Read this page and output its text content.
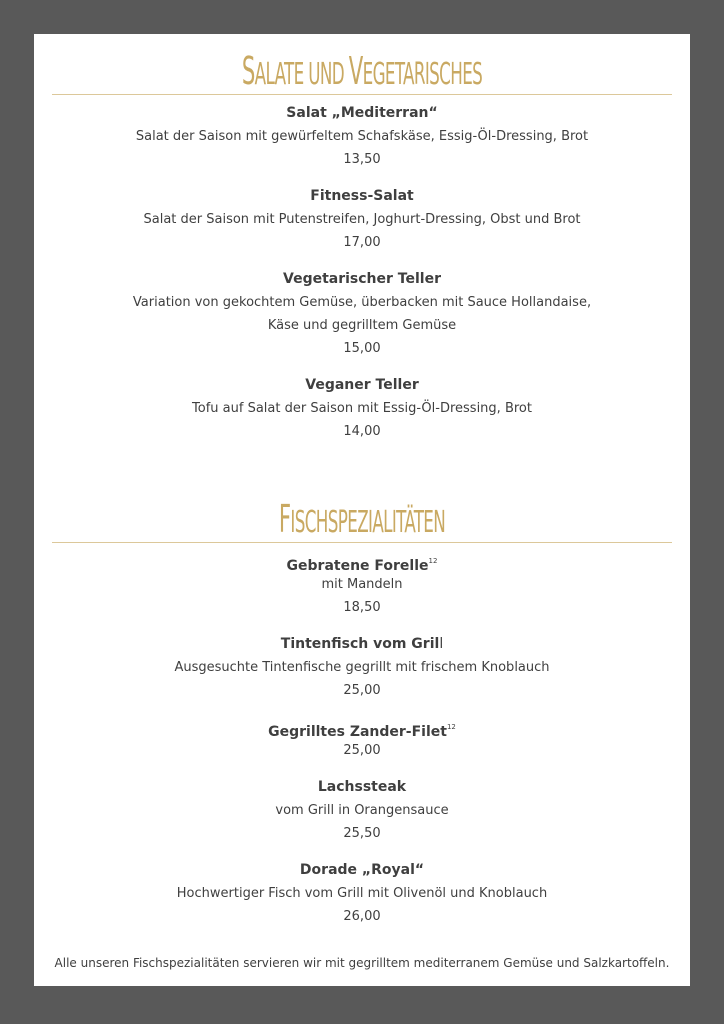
SALATE UND VEGETARISCHES
Salat „Mediterran“
Salat der Saison mit gewürfeltem Schafskäse, Essig-Öl-Dressing, Brot
13,50
Fitness-Salat
Salat der Saison mit Putenstreifen, Joghurt-Dressing, Obst und Brot
17,00
Vegetarischer Teller
Variation von gekochtem Gemüse, überbacken mit Sauce Hollandaise,
Käse und gegrilltem Gemüse
15,00
Veganer Teller
Tofu auf Salat der Saison mit Essig-Öl-Dressing, Brot
14,00
FISCHSPEZIALITÄTEN
Gebratene Forelle$^{12}$
mit Mandeln
18,50
Tintenfisch vom Grill
Ausgesuchte Tintenfische gegrillt mit frischem Knoblauch
25,00
Gegrilltes Zander-Filet$^{12}$
25,00
Lachssteak
vom Grill in Orangensauce
25,50
Dorade „Royal“
Hochwertiger Fisch vom Grill mit Olivenöl und Knoblauch
26,00
Alle unseren Fischspezialitäten servieren wir mit gegrilltem mediterranem Gemüse und Salzkartoffeln.
